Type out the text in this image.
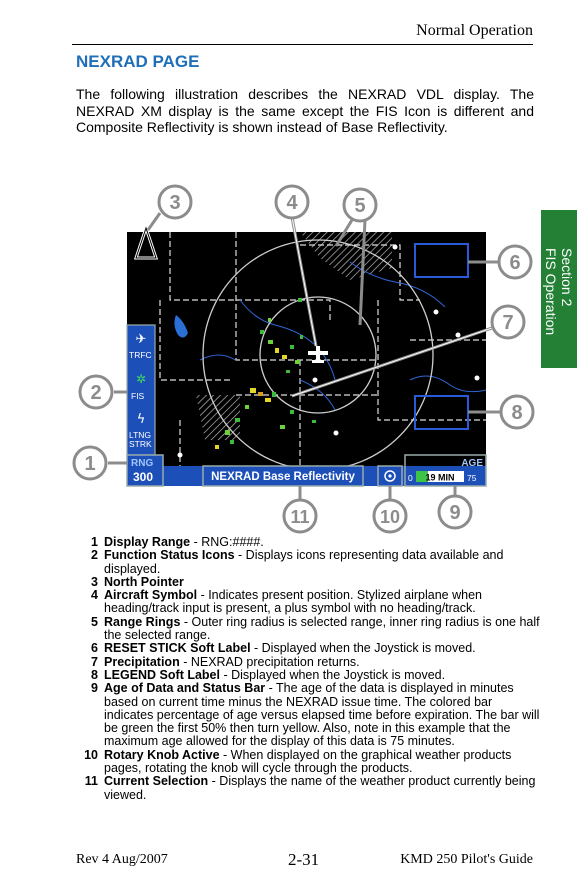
Normal Operation
NEXRAD PAGE
The following illustration describes the NEXRAD VDL display. The NEXRAD XM display is the same except the FIS Icon is different and Composite Reflectivity is shown instead of Base Reflectivity.
Section 2
FIS Operation
✈
TRFC
✲
FIS
ϟ
LTNG
STRK
RNG
300	NEXRAD Base Reflectivity
AGE
0 19 MIN 75
1
2
3	4	5
6
7
8
9
10
11
1 Display Range - RNG:####.
2 Function Status Icons - Displays icons representing data available and displayed.
3 North Pointer
4 Aircraft Symbol - Indicates present position. Stylized airplane when heading/track input is present, a plus symbol with no heading/track.
5 Range Rings - Outer ring radius is selected range, inner ring radius is one half the selected range.
6 RESET STICK Soft Label - Displayed when the Joystick is moved.
7 Precipitation - NEXRAD precipitation returns.
8 LEGEND Soft Label - Displayed when the Joystick is moved.
9 Age of Data and Status Bar - The age of the data is displayed in minutes based on current time minus the NEXRAD issue time. The colored bar indicates percentage of age versus elapsed time before expiration. The bar will be green the first 50% then turn yellow. Also, note in this example that the maximum age allowed for the display of this data is 75 minutes.
10 Rotary Knob Active - When displayed on the graphical weather products pages, rotating the knob will cycle through the products.
11 Current Selection - Displays the name of the weather product currently being viewed.
Rev 4 Aug/2007	2-31	KMD 250 Pilot's Guide
